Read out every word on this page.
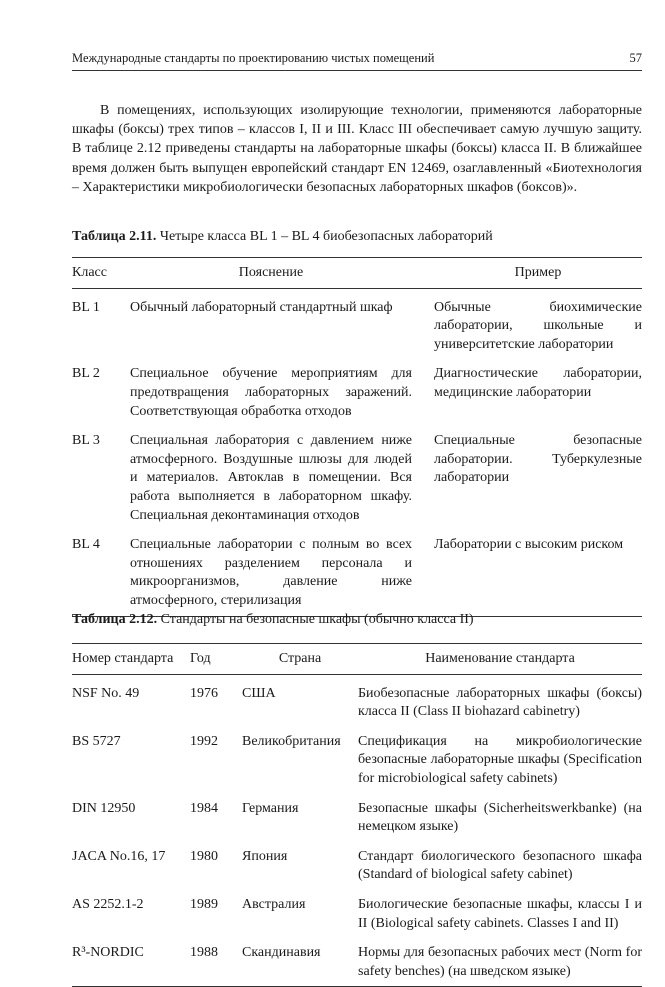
Международные стандарты по проектированию чистых помещений	57

В помещениях, использующих изолирующие технологии, применяются лабораторные шкафы (боксы) трех типов – классов I, II и III. Класс III обеспечивает самую лучшую защиту. В таблице 2.12 приведены стандарты на лабораторные шкафы (боксы) класса II. В ближайшее время должен быть выпущен европейский стандарт EN 12469, озаглавленный «Биотехнология – Характеристики микробиологически безопасных лабораторных шкафов (боксов)».

Таблица 2.11. Четыре класса BL 1 – BL 4 биобезопасных лабораторий

Класс	Пояснение	Пример
BL 1	Обычный лабораторный стандартный шкаф	Обычные биохимические лаборатории, школьные и университетские лаборатории
BL 2	Специальное обучение мероприятиям для предотвращения лабораторных заражений. Соответствующая обработка отходов	Диагностические лаборатории, медицинские лаборатории
BL 3	Специальная лаборатория с давлением ниже атмосферного. Воздушные шлюзы для людей и материалов. Автоклав в помещении. Вся работа выполняется в лабораторном шкафу. Специальная деконтаминация отходов	Специальные безопасные лаборатории. Туберкулезные лаборатории
BL 4	Специальные лаборатории с полным во всех отношениях разделением персонала и микроорганизмов, давление ниже атмосферного, стерилизация	Лаборатории с высоким риском

Таблица 2.12. Стандарты на безопасные шкафы (обычно класса II)

Номер стандарта	Год	Страна	Наименование стандарта
NSF No. 49	1976	США	Биобезопасные лабораторных шкафы (боксы) класса II (Class II biohazard cabinetry)
BS 5727	1992	Великобритания	Спецификация на микробиологические безопасные лабораторные шкафы (Specification for microbiological safety cabinets)
DIN 12950	1984	Германия	Безопасные шкафы (Sicherheitswerkbanke) (на немецком языке)
JACA No.16, 17	1980	Япония	Стандарт биологического безопасного шкафа (Standard of biological safety cabinet)
AS 2252.1-2	1989	Австралия	Биологические безопасные шкафы, классы I и II (Biological safety cabinets. Classes I and II)
R³-NORDIC	1988	Скандинавия	Нормы для безопасных рабочих мест (Norm for safety benches) (на шведском языке)
